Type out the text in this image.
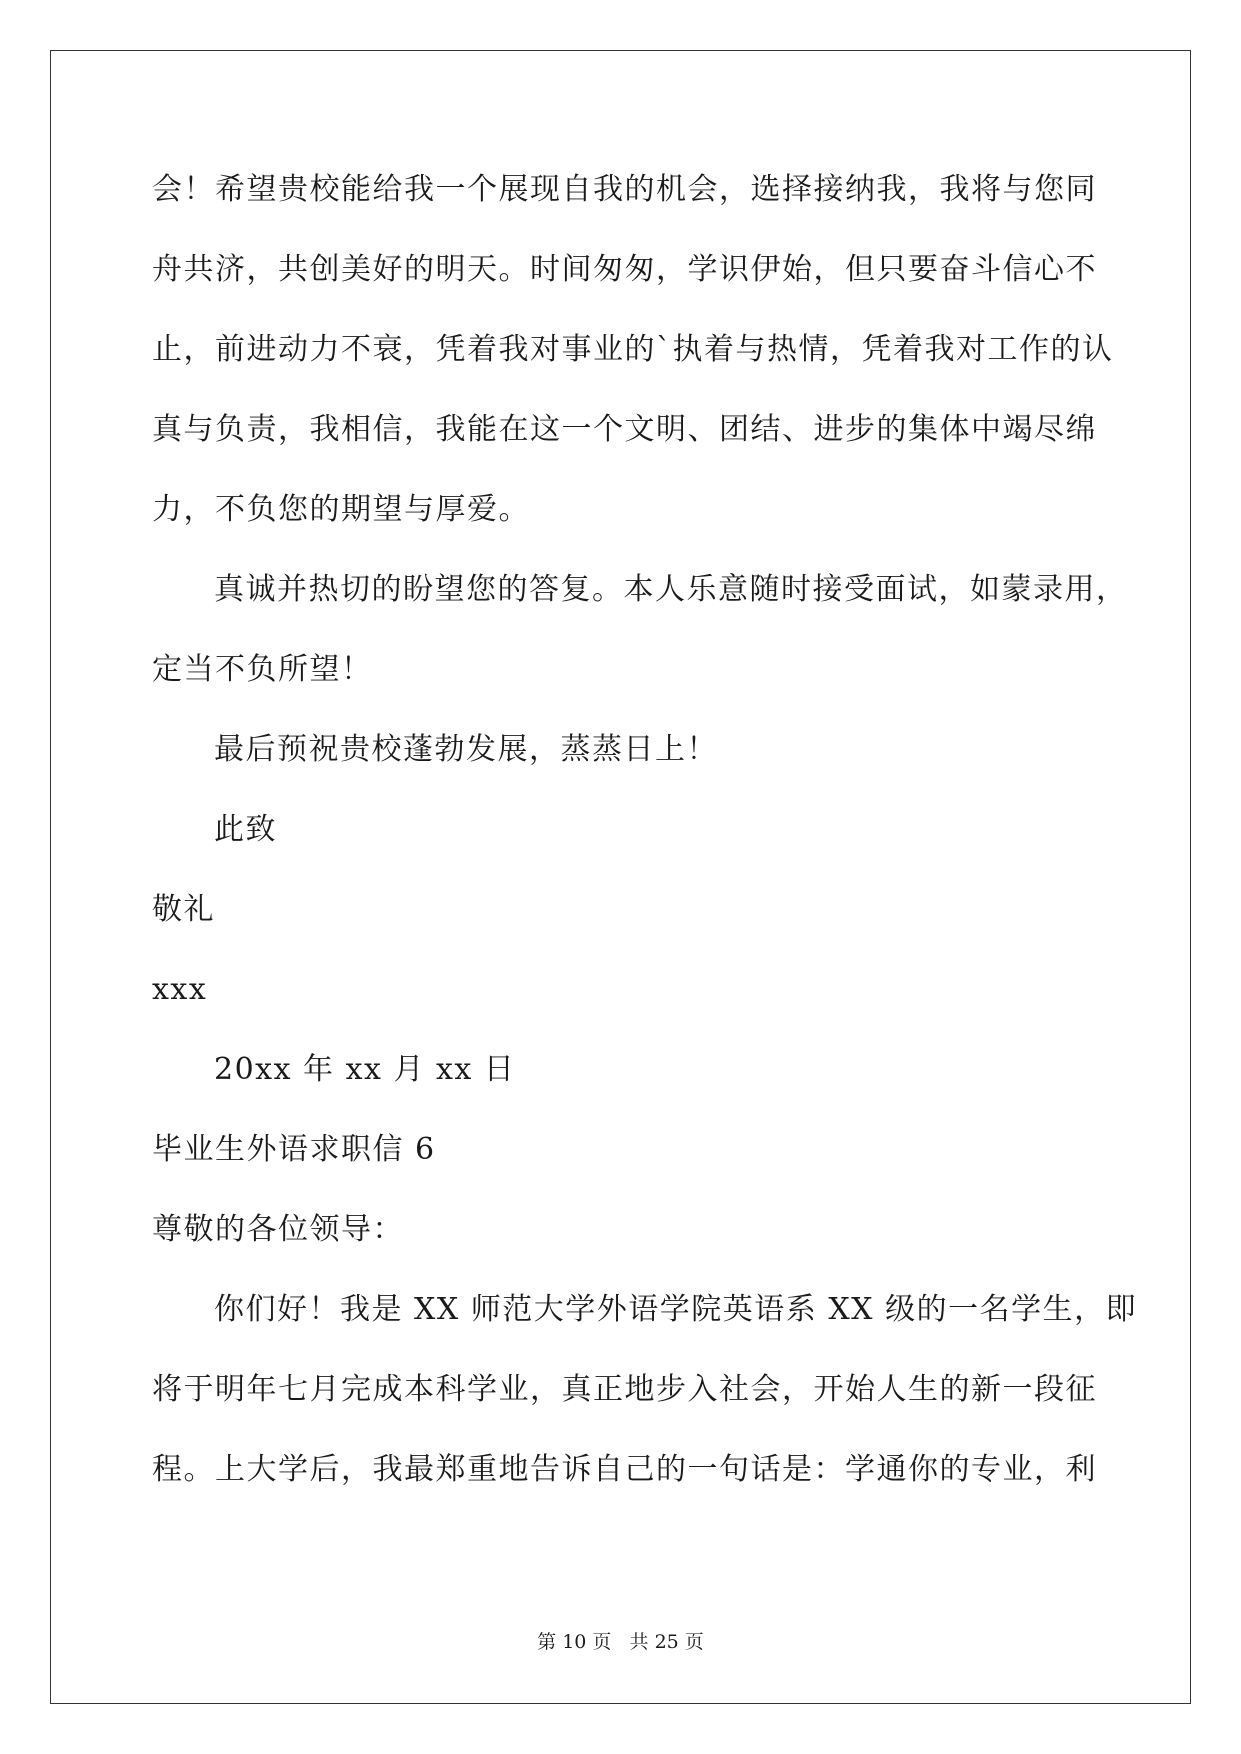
会！希望贵校能给我一个展现自我的机会，选择接纳我，我将与您同
舟共济，共创美好的明天。时间匆匆，学识伊始，但只要奋斗信心不
止，前进动力不衰，凭着我对事业的`执着与热情，凭着我对工作的认
真与负责，我相信，我能在这一个文明、团结、进步的集体中竭尽绵
力，不负您的期望与厚爱。
真诚并热切的盼望您的答复。本人乐意随时接受面试，如蒙录用，
定当不负所望！
最后预祝贵校蓬勃发展，蒸蒸日上！
此致
敬礼
xxx
20xx 年 xx 月 xx 日
毕业生外语求职信 6
尊敬的各位领导：
你们好！我是 XX 师范大学外语学院英语系 XX 级的一名学生，即
将于明年七月完成本科学业，真正地步入社会，开始人生的新一段征
程。上大学后，我最郑重地告诉自己的一句话是：学通你的专业，利
第 10 页   共 25 页
